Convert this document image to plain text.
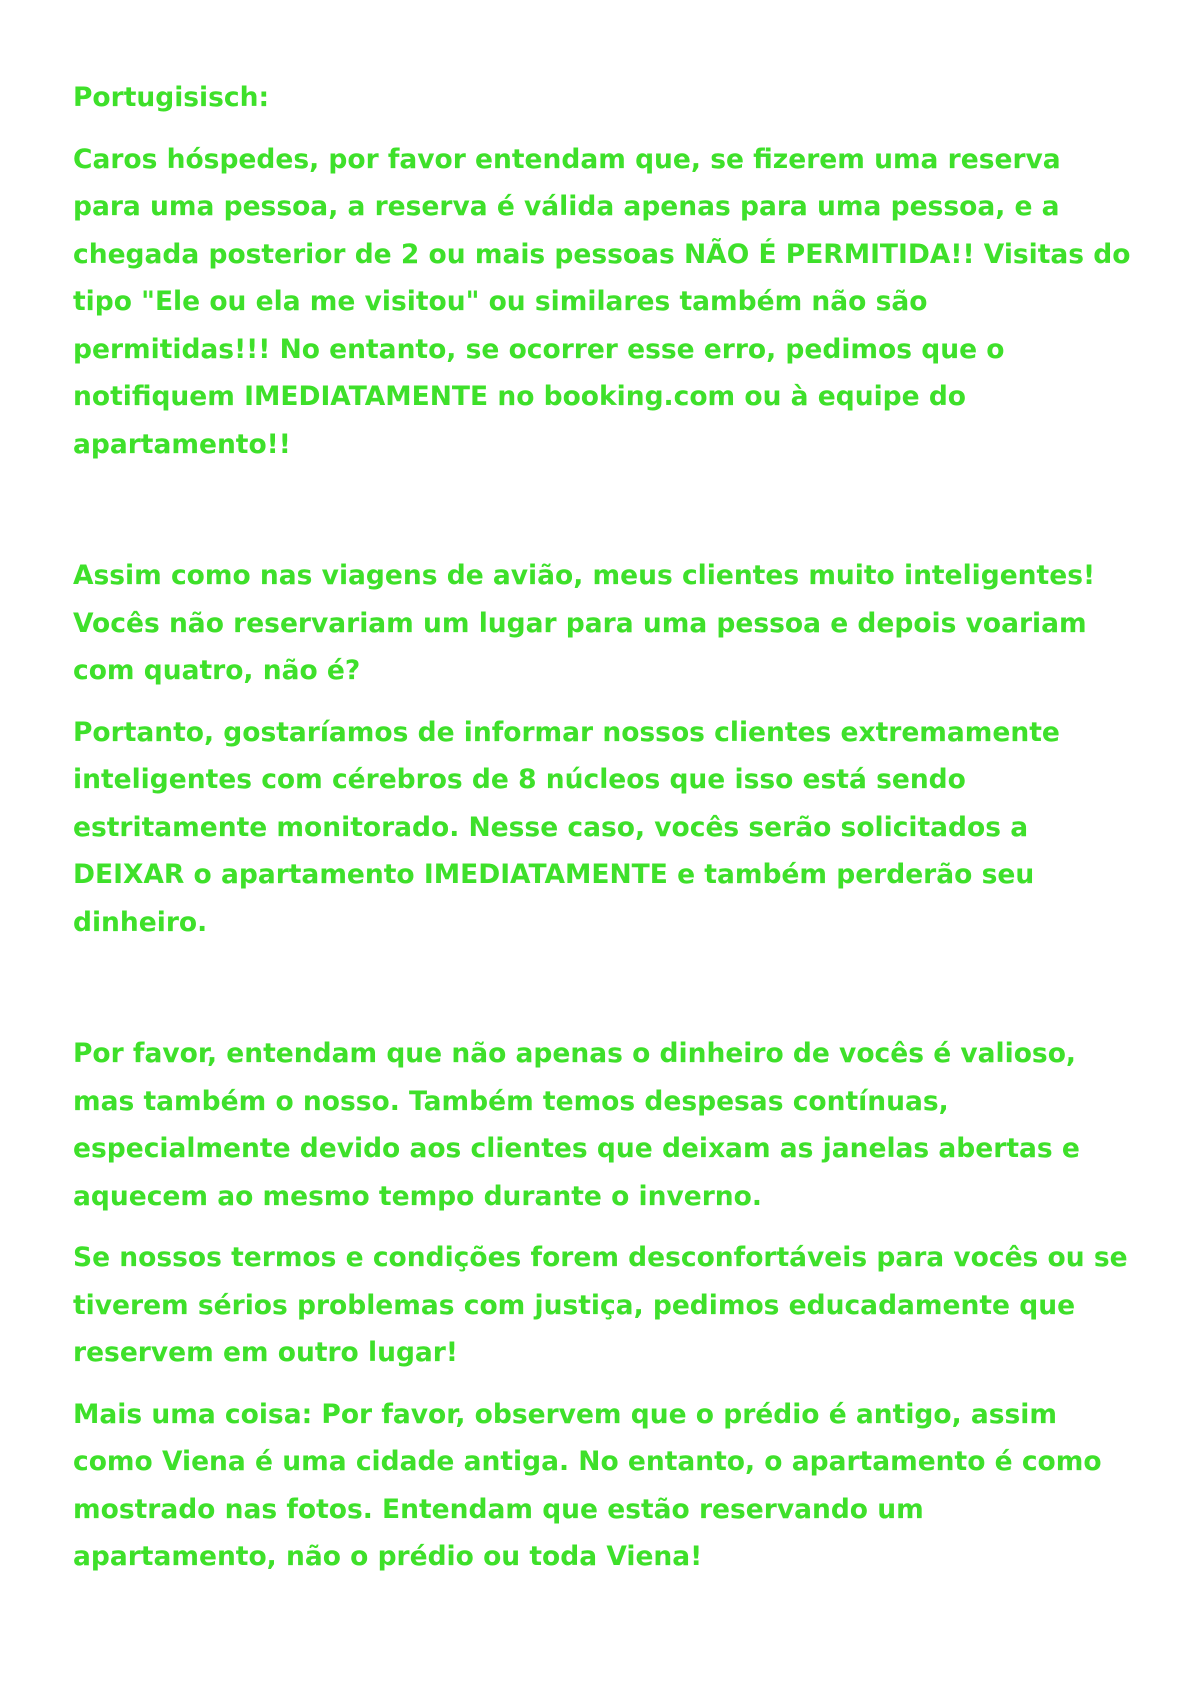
Portugisisch:

Caros hóspedes, por favor entendam que, se fizerem uma reserva para uma pessoa, a reserva é válida apenas para uma pessoa, e a chegada posterior de 2 ou mais pessoas NÃO É PERMITIDA!! Visitas do tipo "Ele ou ela me visitou" ou similares também não são permitidas!!! No entanto, se ocorrer esse erro, pedimos que o notifiquem IMEDIATAMENTE no booking.com ou à equipe do apartamento!!

Assim como nas viagens de avião, meus clientes muito inteligentes! Vocês não reservariam um lugar para uma pessoa e depois voariam com quatro, não é?

Portanto, gostaríamos de informar nossos clientes extremamente inteligentes com cérebros de 8 núcleos que isso está sendo estritamente monitorado. Nesse caso, vocês serão solicitados a DEIXAR o apartamento IMEDIATAMENTE e também perderão seu dinheiro.

Por favor, entendam que não apenas o dinheiro de vocês é valioso, mas também o nosso. Também temos despesas contínuas, especialmente devido aos clientes que deixam as janelas abertas e aquecem ao mesmo tempo durante o inverno.

Se nossos termos e condições forem desconfortáveis para vocês ou se tiverem sérios problemas com justiça, pedimos educadamente que reservem em outro lugar!

Mais uma coisa: Por favor, observem que o prédio é antigo, assim como Viena é uma cidade antiga. No entanto, o apartamento é como mostrado nas fotos. Entendam que estão reservando um apartamento, não o prédio ou toda Viena!
